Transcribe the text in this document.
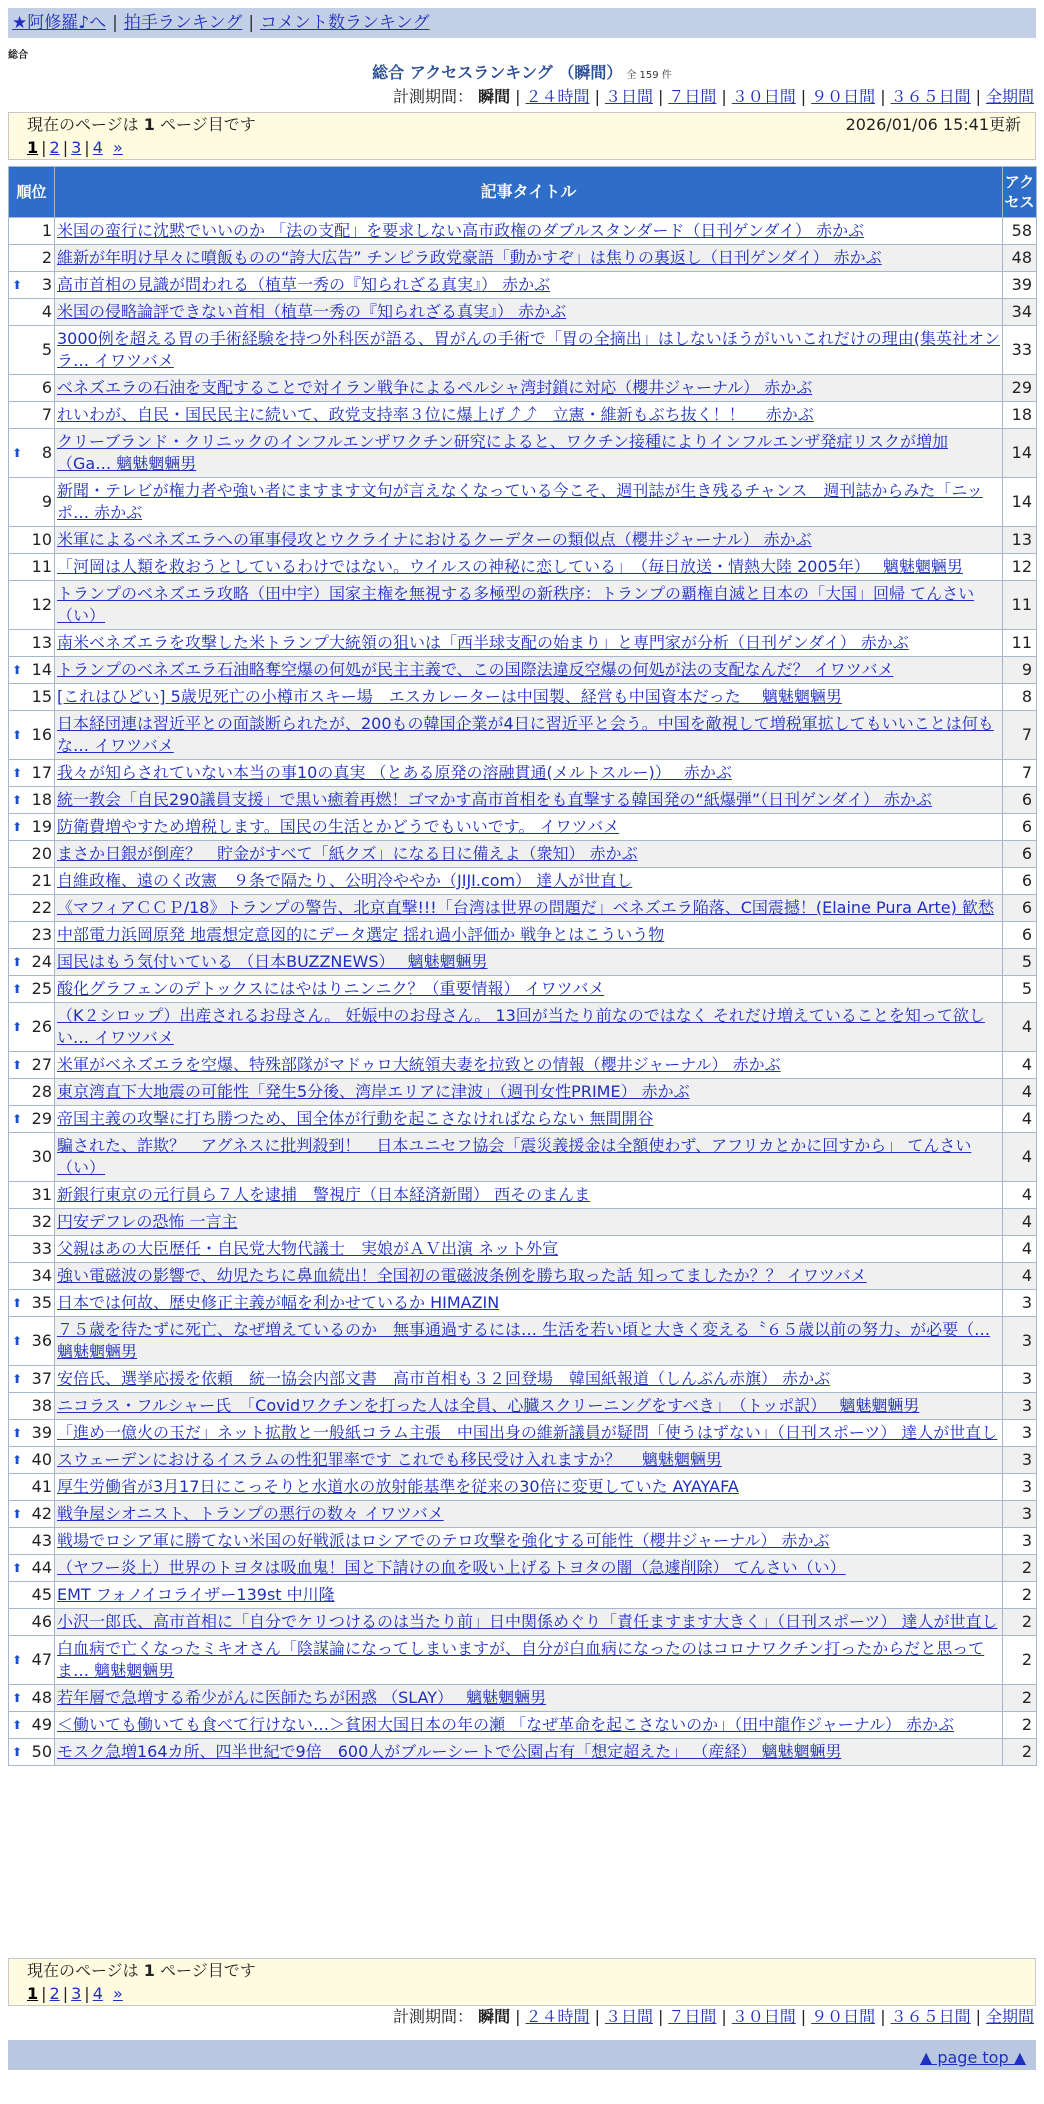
★阿修羅♪へ | 拍手ランキング | コメント数ランキング
総合
総合 アクセスランキング （瞬間） 全 159 件
計測期間： 瞬間 | ２４時間 | ３日間 | ７日間 | ３０日間 | ９０日間 | ３６５日間 | 全期間
現在のページは 1 ページ目です	2026/01/06 15:41更新
1 | 2 | 3 | 4 »
順位	記事タイトル	アクセス
1	米国の蛮行に沈黙でいいのか 「法の支配」を要求しない高市政権のダブルスタンダード（日刊ゲンダイ） 赤かぶ	58
2	維新が年明け早々に噴飯ものの“誇大広告” チンピラ政党豪語「動かすぞ」は焦りの裏返し（日刊ゲンダイ） 赤かぶ	48

⬆ 3	高市首相の見識が問われる（植草一秀の『知られざる真実』） 赤かぶ	39
4	米国の侵略論評できない首相（植草一秀の『知られざる真実』） 赤かぶ	34
5	3000例を超える胃の手術経験を持つ外科医が語る、胃がんの手術で「胃の全摘出」はしないほうがいいこれだけの理由(集英社オンラ… イワツバメ	33
6	ベネズエラの石油を支配することで対イラン戦争によるペルシャ湾封鎖に対応（櫻井ジャーナル） 赤かぶ	29
7	れいわが、自民・国民民主に続いて、政党支持率３位に爆上げ⤴⤴　立憲・維新もぶち抜く！！　 赤かぶ	18

⬆ 8	クリーブランド・クリニックのインフルエンザワクチン研究によると、ワクチン接種によりインフルエンザ発症リスクが増加（Ga… 魑魅魍魎男	14
9	新聞・テレビが権力者や強い者にますます文句が言えなくなっている今こそ、週刊誌が生き残るチャンス　週刊誌からみた「ニッポ… 赤かぶ	14
10	米軍によるベネズエラへの軍事侵攻とウクライナにおけるクーデターの類似点（櫻井ジャーナル） 赤かぶ	13
11	「河岡は人類を救おうとしているわけではない。ウイルスの神秘に恋している」　（毎日放送・情熱大陸 2005年）　 魑魅魍魎男	12
12	トランプのベネズエラ攻略（田中宇）国家主権を無視する多極型の新秩序：トランプの覇権自滅と日本の「大国」回帰 てんさい（い）	11
13	南米ベネズエラを攻撃した米トランプ大統領の狙いは「西半球支配の始まり」と専門家が分析（日刊ゲンダイ） 赤かぶ	11

⬆ 14	トランプのベネズエラ石油略奪空爆の何処が民主主義で、この国際法違反空爆の何処が法の支配なんだ？ イワツバメ	9
15	[これはひどい] 5歳児死亡の小樽市スキー場　エスカレーターは中国製、経営も中国資本だった　 魑魅魍魎男	8

⬆ 16	日本経団連は習近平との面談断られたが、200もの韓国企業が4日に習近平と会う。中国を敵視して増税軍拡してもいいことは何もな… イワツバメ	7

⬆ 17	我々が知らされていない本当の事10の真実 （とある原発の溶融貫通(メルトスルー)）　 赤かぶ	7

⬆ 18	統一教会「自民290議員支援」で黒い癒着再燃！ゴマかす高市首相をも直撃する韓国発の“紙爆弾”（日刊ゲンダイ） 赤かぶ	6

⬆ 19	防衛費増やすため増税します。国民の生活とかどうでもいいです。 イワツバメ	6
20	まさか日銀が倒産？　貯金がすべて「紙クズ」になる日に備えよ（衆知） 赤かぶ	6
21	自維政権、遠のく改憲　９条で隔たり、公明冷ややか（JIJI.com） 達人が世直し	6
22	《マフィアＣＣＰ/18》トランプの警告、北京直撃!!!「台湾は世界の問題だ」ベネズエラ陥落、C国震撼！(Elaine Pura Arte) 歓愁	6
23	中部電力浜岡原発 地震想定意図的にデータ選定 揺れ過小評価か 戦争とはこういう物	6

⬆ 24	国民はもう気付いている （日本BUZZNEWS）　 魑魅魍魎男	5

⬆ 25	酸化グラフェンのデトックスにはやはりニンニク？（重要情報） イワツバメ	5

⬆ 26	（K２シロップ）出産されるお母さん。 妊娠中のお母さん。 13回が当たり前なのではなく それだけ増えていることを知って欲しい… イワツバメ	4

⬆ 27	米軍がベネズエラを空爆、特殊部隊がマドゥロ大統領夫妻を拉致との情報（櫻井ジャーナル） 赤かぶ	4
28	東京湾直下大地震の可能性「発生5分後、湾岸エリアに津波」（週刊女性PRIME） 赤かぶ	4

⬆ 29	帝国主義の攻撃に打ち勝つため、国全体が行動を起こさなければならない 無間開谷	4
30	騙された、詐欺？　アグネスに批判殺到！　日本ユニセフ協会「震災義援金は全額使わず、アフリカとかに回すから」 てんさい（い）	4
31	新銀行東京の元行員ら７人を逮捕　警視庁（日本経済新聞） 西そのまんま	4
32	円安デフレの恐怖 一言主	4
33	父親はあの大臣歴任・自民党大物代議士　実娘がＡＶ出演 ネット外宣	4
34	強い電磁波の影響で、幼児たちに鼻血続出！全国初の電磁波条例を勝ち取った話 知ってましたか？？ イワツバメ	4

⬆ 35	日本では何故、歴史修正主義が幅を利かせているか HIMAZIN	3

⬆ 36	７５歳を待たずに死亡、なぜ増えているのか　無事通過するには… 生活を若い頃と大きく変える〝６５歳以前の努力〟が必要（… 魑魅魍魎男	3

⬆ 37	安倍氏、選挙応援を依頼　統一協会内部文書　高市首相も３２回登場　韓国紙報道（しんぶん赤旗） 赤かぶ	3
38	ニコラス・フルシャー氏　「Covidワクチンを打った人は全員、心臓スクリーニングをすべき」　（トッポ訳）　 魑魅魍魎男	3

⬆ 39	「進め一億火の玉だ」ネット拡散と一般紙コラム主張　中国出身の維新議員が疑問「使うはずない」（日刊スポーツ） 達人が世直し	3

⬆ 40	スウェーデンにおけるイスラムの性犯罪率です これでも移民受け入れますか？　 魑魅魍魎男	3
41	厚生労働省が3月17日にこっそりと水道水の放射能基準を従来の30倍に変更していた AYAYAFA	3

⬆ 42	戦争屋シオニスト、トランプの悪行の数々 イワツバメ	3
43	戦場でロシア軍に勝てない米国の好戦派はロシアでのテロ攻撃を強化する可能性（櫻井ジャーナル） 赤かぶ	3

⬆ 44	（ヤフー炎上）世界のトヨタは吸血鬼！国と下請けの血を吸い上げるトヨタの闇（急遽削除） てんさい（い）	2
45	EMT フォノイコライザー139st 中川隆	2
46	小沢一郎氏、高市首相に「自分でケリつけるのは当たり前」日中関係めぐり「責任ますます大きく」（日刊スポーツ） 達人が世直し	2

⬆ 47	白血病で亡くなったミキオさん「陰謀論になってしまいますが、自分が白血病になったのはコロナワクチン打ったからだと思ってま… 魑魅魍魎男	2

⬆ 48	若年層で急増する希少がんに医師たちが困惑 （SLAY）　 魑魅魍魎男	2

⬆ 49	＜働いても働いても食べて行けない…＞貧困大国日本の年の瀬 「なぜ革命を起こさないのか」（田中龍作ジャーナル） 赤かぶ	2

⬆ 50	モスク急増164カ所、四半世紀で9倍　600人がブルーシートで公園占有「想定超えた」 （産経） 魑魅魍魎男	2
現在のページは 1 ページ目です
1 | 2 | 3 | 4 »
計測期間： 瞬間 | ２４時間 | ３日間 | ７日間 | ３０日間 | ９０日間 | ３６５日間 | 全期間
▲ page top ▲
